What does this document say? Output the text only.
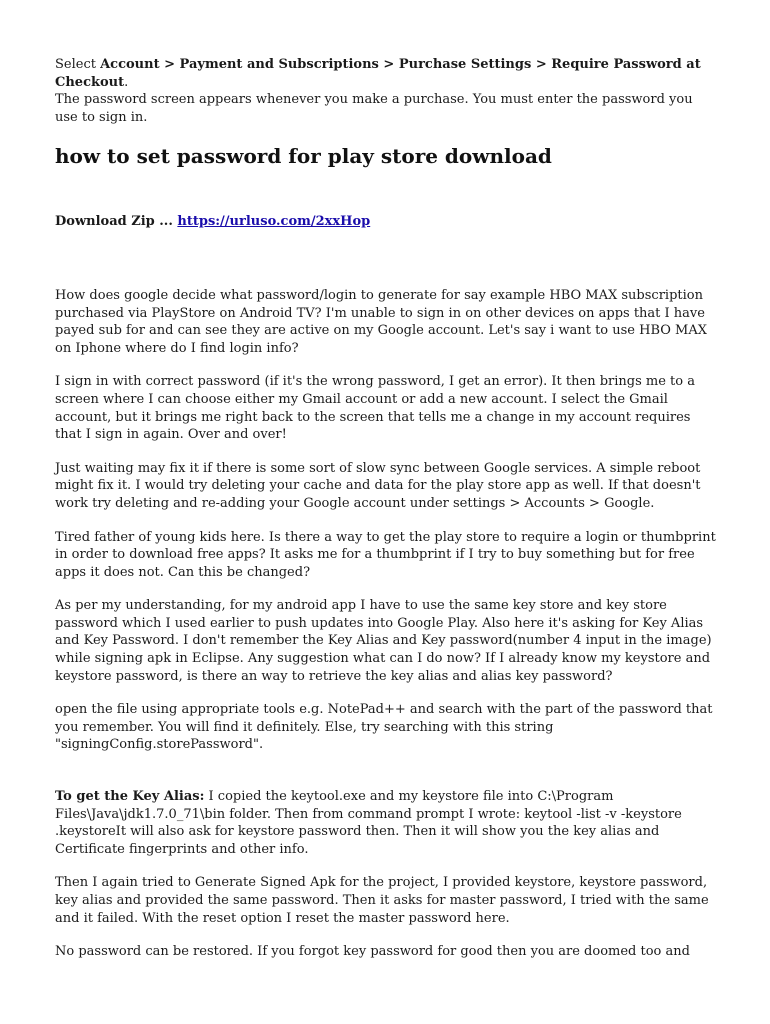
Select Account > Payment and Subscriptions > Purchase Settings > Require Password at Checkout.

The password screen appears whenever you make a purchase. You must enter the password you use to sign in.

how to set password for play store download

Download Zip ... https://urluso.com/2xxHop

How does google decide what password/login to generate for say example HBO MAX subscription purchased via PlayStore on Android TV? I'm unable to sign in on other devices on apps that I have payed sub for and can see they are active on my Google account. Let's say i want to use HBO MAX on Iphone where do I find login info?

I sign in with correct password (if it's the wrong password, I get an error). It then brings me to a screen where I can choose either my Gmail account or add a new account. I select the Gmail account, but it brings me right back to the screen that tells me a change in my account requires that I sign in again. Over and over!

Just waiting may fix it if there is some sort of slow sync between Google services. A simple reboot might fix it. I would try deleting your cache and data for the play store app as well. If that doesn't work try deleting and re-adding your Google account under settings > Accounts > Google.

Tired father of young kids here. Is there a way to get the play store to require a login or thumbprint in order to download free apps? It asks me for a thumbprint if I try to buy something but for free apps it does not. Can this be changed?

As per my understanding, for my android app I have to use the same key store and key store password which I used earlier to push updates into Google Play. Also here it's asking for Key Alias and Key Password. I don't remember the Key Alias and Key password(number 4 input in the image) while signing apk in Eclipse. Any suggestion what can I do now? If I already know my keystore and keystore password, is there an way to retrieve the key alias and alias key password?

open the file using appropriate tools e.g. NotePad++ and search with the part of the password that you remember. You will find it definitely. Else, try searching with this string "signingConfig.storePassword".

To get the Key Alias: I copied the keytool.exe and my keystore file into C:\Program Files\Java\jdk1.7.0_71\bin folder. Then from command prompt I wrote: keytool -list -v -keystore .keystoreIt will also ask for keystore password then. Then it will show you the key alias and Certificate fingerprints and other info.

Then I again tried to Generate Signed Apk for the project, I provided keystore, keystore password, key alias and provided the same password. Then it asks for master password, I tried with the same and it failed. With the reset option I reset the master password here.

No password can be restored. If you forgot key password for good then you are doomed too and
